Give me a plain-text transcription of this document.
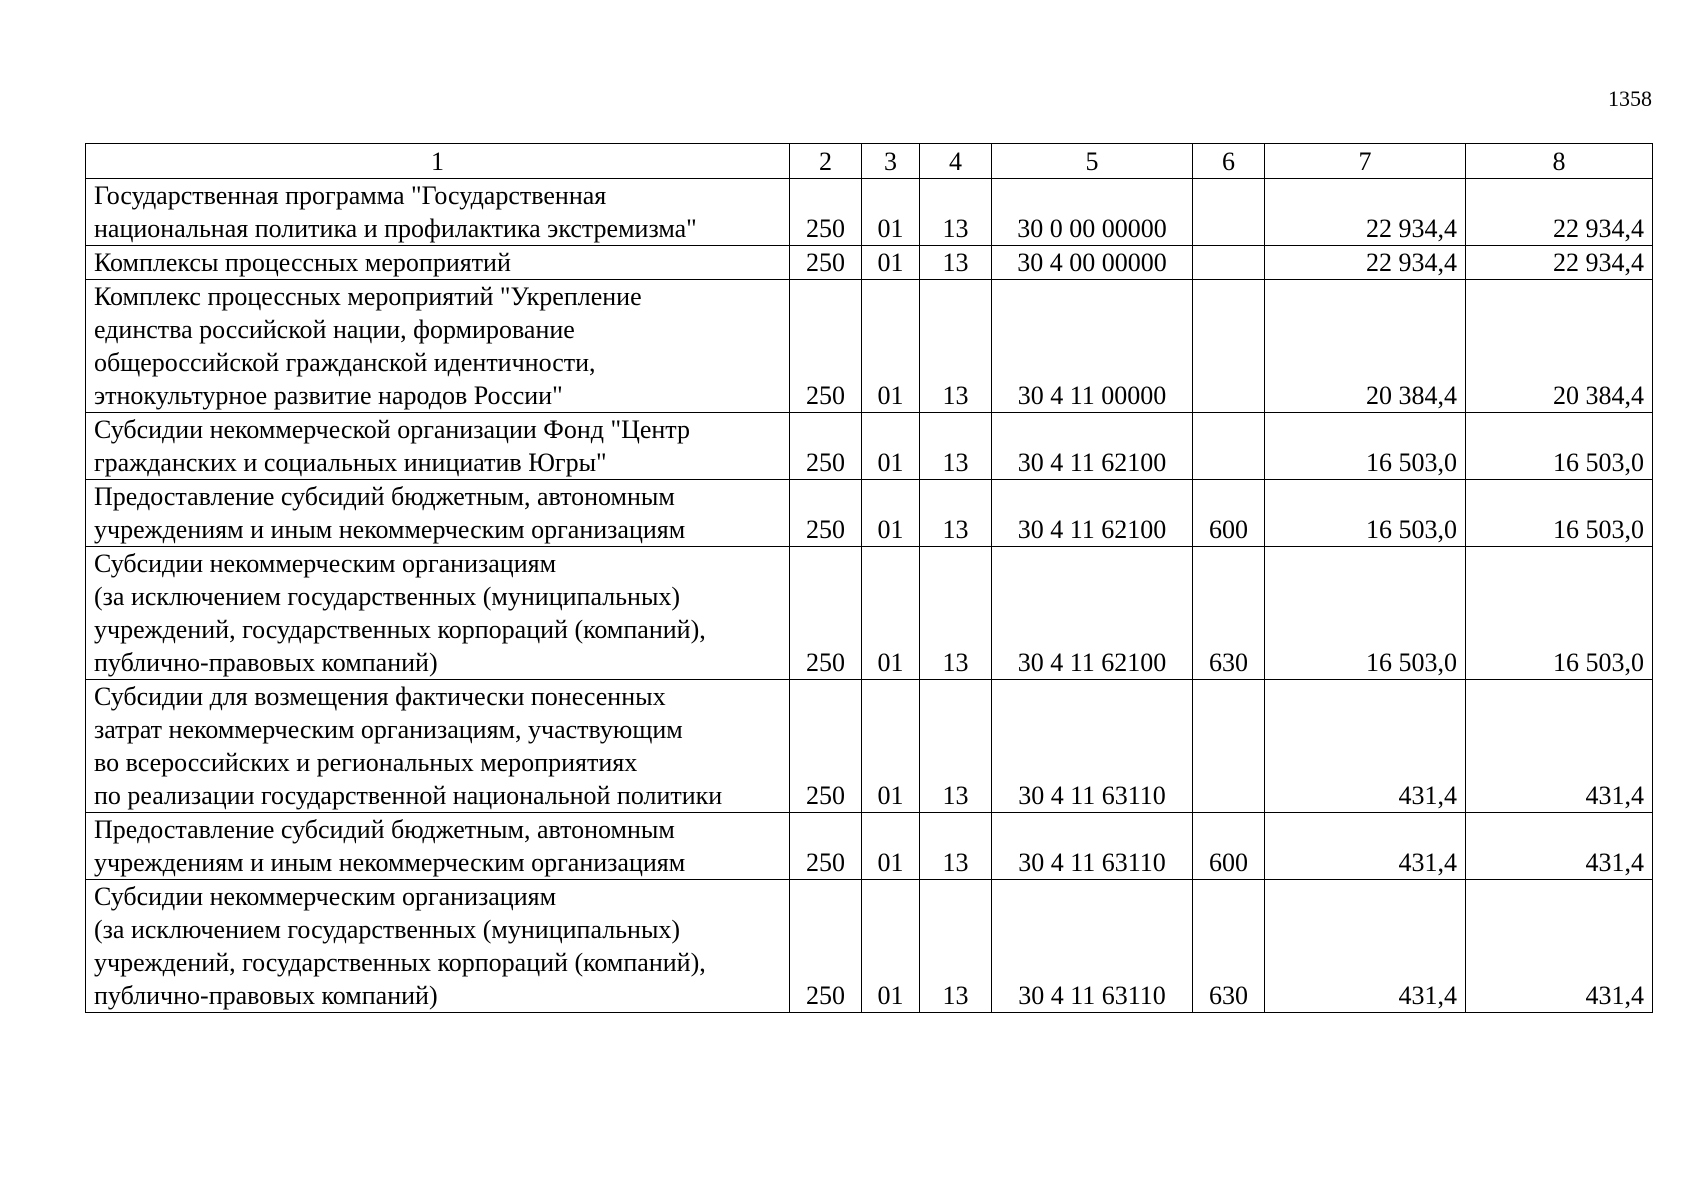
1358
1	2	3	4	5	6	7	8
Государственная программа "Государственная
национальная политика и профилактика экстремизма"	250	01	13	30 0 00 00000		22 934,4	22 934,4
Комплексы процессных мероприятий	250	01	13	30 4 00 00000		22 934,4	22 934,4
Комплекс процессных мероприятий "Укрепление
единства российской нации, формирование
общероссийской гражданской идентичности,
этнокультурное развитие народов России"	250	01	13	30 4 11 00000		20 384,4	20 384,4
Субсидии некоммерческой организации Фонд "Центр
гражданских и социальных инициатив Югры"	250	01	13	30 4 11 62100		16 503,0	16 503,0
Предоставление субсидий бюджетным, автономным
учреждениям и иным некоммерческим организациям	250	01	13	30 4 11 62100	600	16 503,0	16 503,0
Субсидии некоммерческим организациям
(за исключением государственных (муниципальных)
учреждений, государственных корпораций (компаний),
публично-правовых компаний)	250	01	13	30 4 11 62100	630	16 503,0	16 503,0
Субсидии для возмещения фактически понесенных
затрат некоммерческим организациям, участвующим
во всероссийских и региональных мероприятиях
по реализации государственной национальной политики	250	01	13	30 4 11 63110		431,4	431,4
Предоставление субсидий бюджетным, автономным
учреждениям и иным некоммерческим организациям	250	01	13	30 4 11 63110	600	431,4	431,4
Субсидии некоммерческим организациям
(за исключением государственных (муниципальных)
учреждений, государственных корпораций (компаний),
публично-правовых компаний)	250	01	13	30 4 11 63110	630	431,4	431,4
